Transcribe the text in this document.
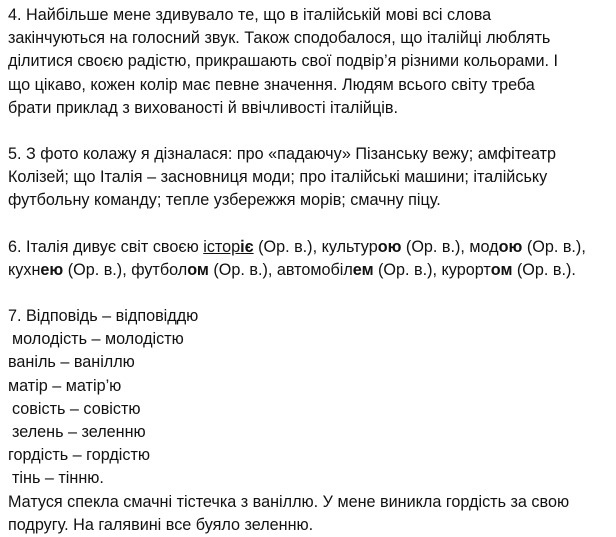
4. Найбільше мене здивувало те, що в італійській мові всі слова
закінчуються на голосний звук. Також сподобалося, що італійці люблять
ділитися своєю радістю, прикрашають свої подвір’я різними кольорами. І
що цікаво, кожен колір має певне значення. Людям всього світу треба
брати приклад з вихованості й ввічливості італійців.
5. З фото колажу я дізналася: про «падаючу» Пізанську вежу; амфітеатр
Колізей; що Італія – засновниця моди; про італійські машини; італійську
футбольну команду; тепле узбережжя морів; смачну піцу.
6. Італія дивує світ своєю історіє (Ор. в.), культурою (Ор. в.), модою (Ор. в.),
кухнею (Ор. в.), футболом (Ор. в.), автомобілем (Ор. в.), курортом (Ор. в.).
7. Відповідь – відповіддю
молодість – молодістю
ваніль – ваніллю
матір – матір’ю
совість – совістю
зелень – зеленню
гордість – гордістю
тінь – тінню.
Матуся спекла смачні тістечка з ваніллю. У мене виникла гордість за свою
подругу. На галявині все буяло зеленню.
